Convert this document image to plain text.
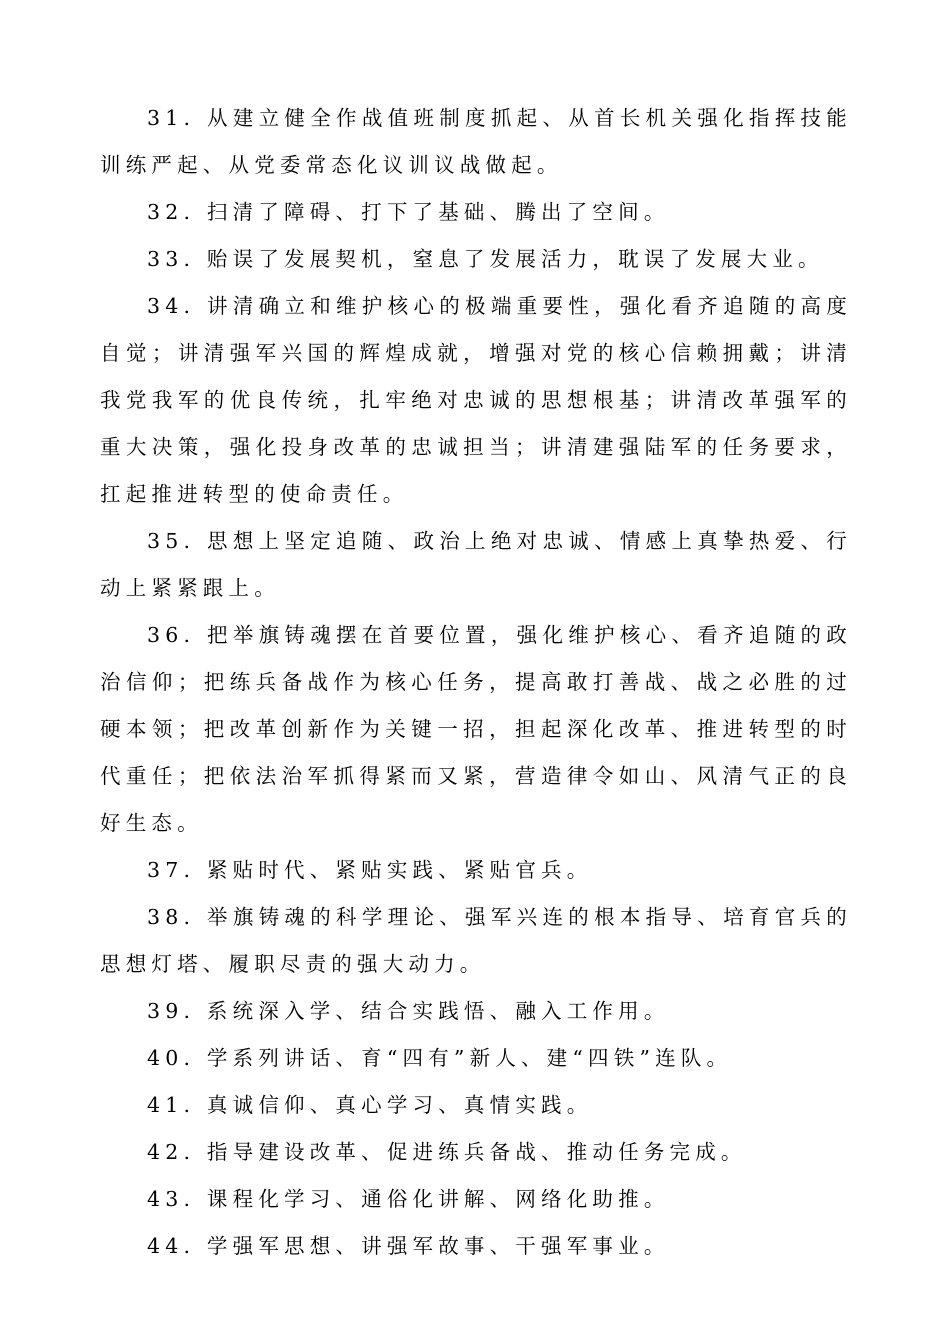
31. 从建立健全作战值班制度抓起、从首长机关强化指挥技能训练严起、从党委常态化议训议战做起。

32. 扫清了障碍、打下了基础、腾出了空间。

33. 贻误了发展契机，窒息了发展活力，耽误了发展大业。

34. 讲清确立和维护核心的极端重要性，强化看齐追随的高度自觉；讲清强军兴国的辉煌成就，增强对党的核心信赖拥戴；讲清我党我军的优良传统，扎牢绝对忠诚的思想根基；讲清改革强军的重大决策，强化投身改革的忠诚担当；讲清建强陆军的任务要求，扛起推进转型的使命责任。

35. 思想上坚定追随、政治上绝对忠诚、情感上真挚热爱、行动上紧紧跟上。

36. 把举旗铸魂摆在首要位置，强化维护核心、看齐追随的政治信仰；把练兵备战作为核心任务，提高敢打善战、战之必胜的过硬本领；把改革创新作为关键一招，担起深化改革、推进转型的时代重任；把依法治军抓得紧而又紧，营造律令如山、风清气正的良好生态。

37. 紧贴时代、紧贴实践、紧贴官兵。

38. 举旗铸魂的科学理论、强军兴连的根本指导、培育官兵的思想灯塔、履职尽责的强大动力。

39. 系统深入学、结合实践悟、融入工作用。

40. 学系列讲话、育“四有”新人、建“四铁”连队。

41. 真诚信仰、真心学习、真情实践。

42. 指导建设改革、促进练兵备战、推动任务完成。

43. 课程化学习、通俗化讲解、网络化助推。

44. 学强军思想、讲强军故事、干强军事业。
